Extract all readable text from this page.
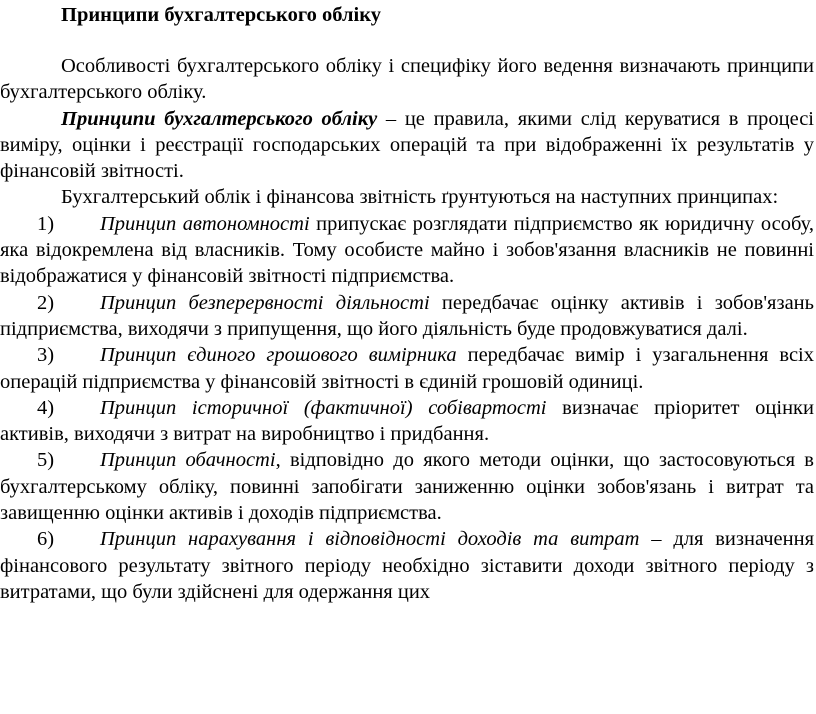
Принципи бухгалтерського обліку

Особливості бухгалтерського обліку і специфіку його ведення визначають принципи бухгалтерського обліку.

Принципи бухгалтерського обліку – це правила, якими слід керуватися в процесі виміру, оцінки і реєстрації господарських операцій та при відображенні їх результатів у фінансовій звітності.

Бухгалтерський облік і фінансова звітність ґрунтуються на наступних принципах:

1) Принцип автономності припускає розглядати підприємство як юридичну особу, яка відокремлена від власників. Тому особисте майно і зобов'язання власників не повинні відображатися у фінансовій звітності підприємства.

2) Принцип безперервності діяльності передбачає оцінку активів і зобов'язань підприємства, виходячи з припущення, що його діяльність буде продовжуватися далі.

3) Принцип єдиного грошового вимірника передбачає вимір і узагальнення всіх операцій підприємства у фінансовій звітності в єдиній грошовій одиниці.

4) Принцип історичної (фактичної) собівартості визначає пріоритет оцінки активів, виходячи з витрат на виробництво і придбання.

5) Принцип обачності, відповідно до якого методи оцінки, що застосовуються в бухгалтерському обліку, повинні запобігати заниженню оцінки зобов'язань і витрат та завищенню оцінки активів і доходів підприємства.

6) Принцип нарахування і відповідності доходів та витрат – для визначення фінансового результату звітного періоду необхідно зіставити доходи звітного періоду з витратами, що були здійснені для одержання цих
